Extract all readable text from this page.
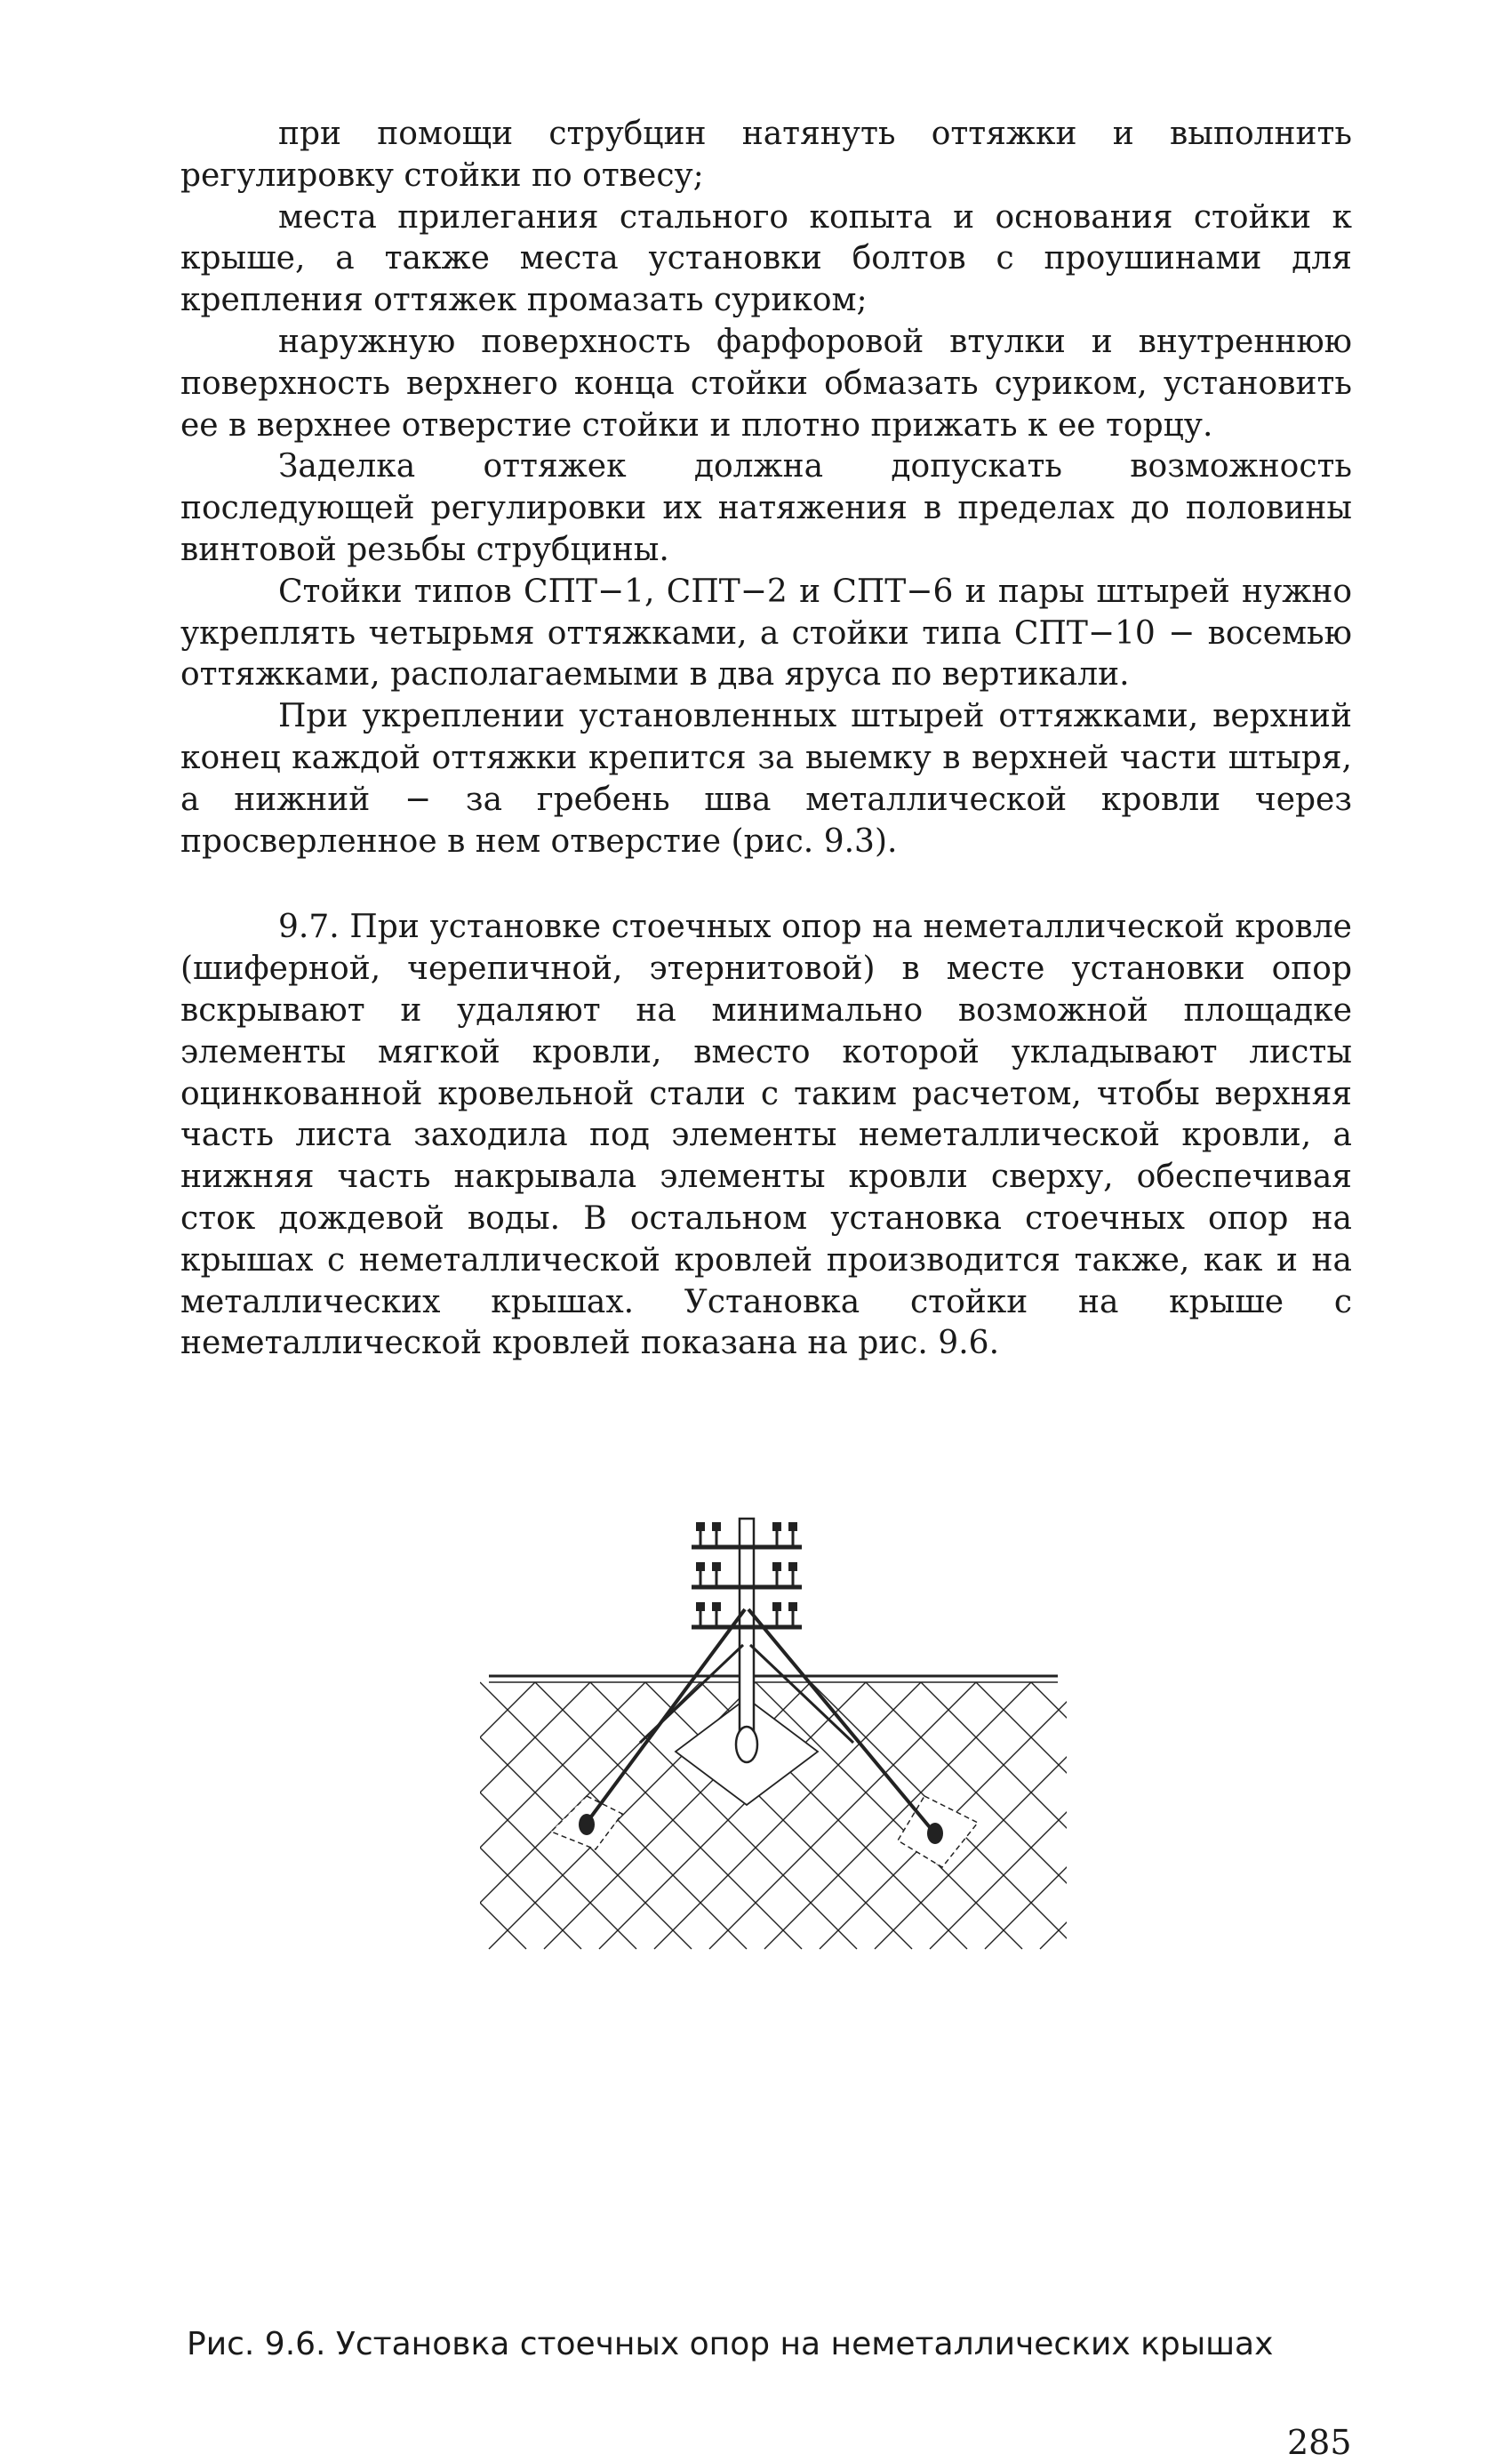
при помощи струбцин натянуть оттяжки и выполнить регулировку стойки по отвесу;

места прилегания стального копыта и основания стойки к крыше, а также места установки болтов с проушинами для крепления оттяжек промазать суриком;

наружную поверхность фарфоровой втулки и внутреннюю поверхность верхнего конца стойки обмазать суриком, установить ее в верхнее отверстие стойки и плотно прижать к ее торцу.

Заделка оттяжек должна допускать возможность последующей регулировки их натяжения в пределах до половины винтовой резьбы струбцины.

Стойки типов СПТ−1, СПТ−2 и СПТ−6 и пары штырей нужно укреплять четырьмя оттяжками, а стойки типа СПТ−10 − восемью оттяжками, располагаемыми в два яруса по вертикали.

При укреплении установленных штырей оттяжками, верхний конец каждой оттяжки крепится за выемку в верхней части штыря, а нижний − за гребень шва металлической кровли через просверленное в нем отверстие (рис. 9.3).

9.7. При установке стоечных опор на неметаллической кровле (шиферной, черепичной, этернитовой) в месте установки опор вскрывают и удаляют на минимально возможной площадке элементы мягкой кровли, вместо которой укладывают листы оцинкованной кровельной стали с таким расчетом, чтобы верхняя часть листа заходила под элементы неметаллической кровли, а нижняя часть накрывала элементы кровли сверху, обеспечивая сток дождевой воды. В остальном установка стоечных опор на крышах с неметаллической кровлей производится также, как и на металлических крышах. Установка стойки на крыше с неметаллической кровлей показана на рис. 9.6.

Рис. 9.6. Установка стоечных опор на неметаллических крышах
285
